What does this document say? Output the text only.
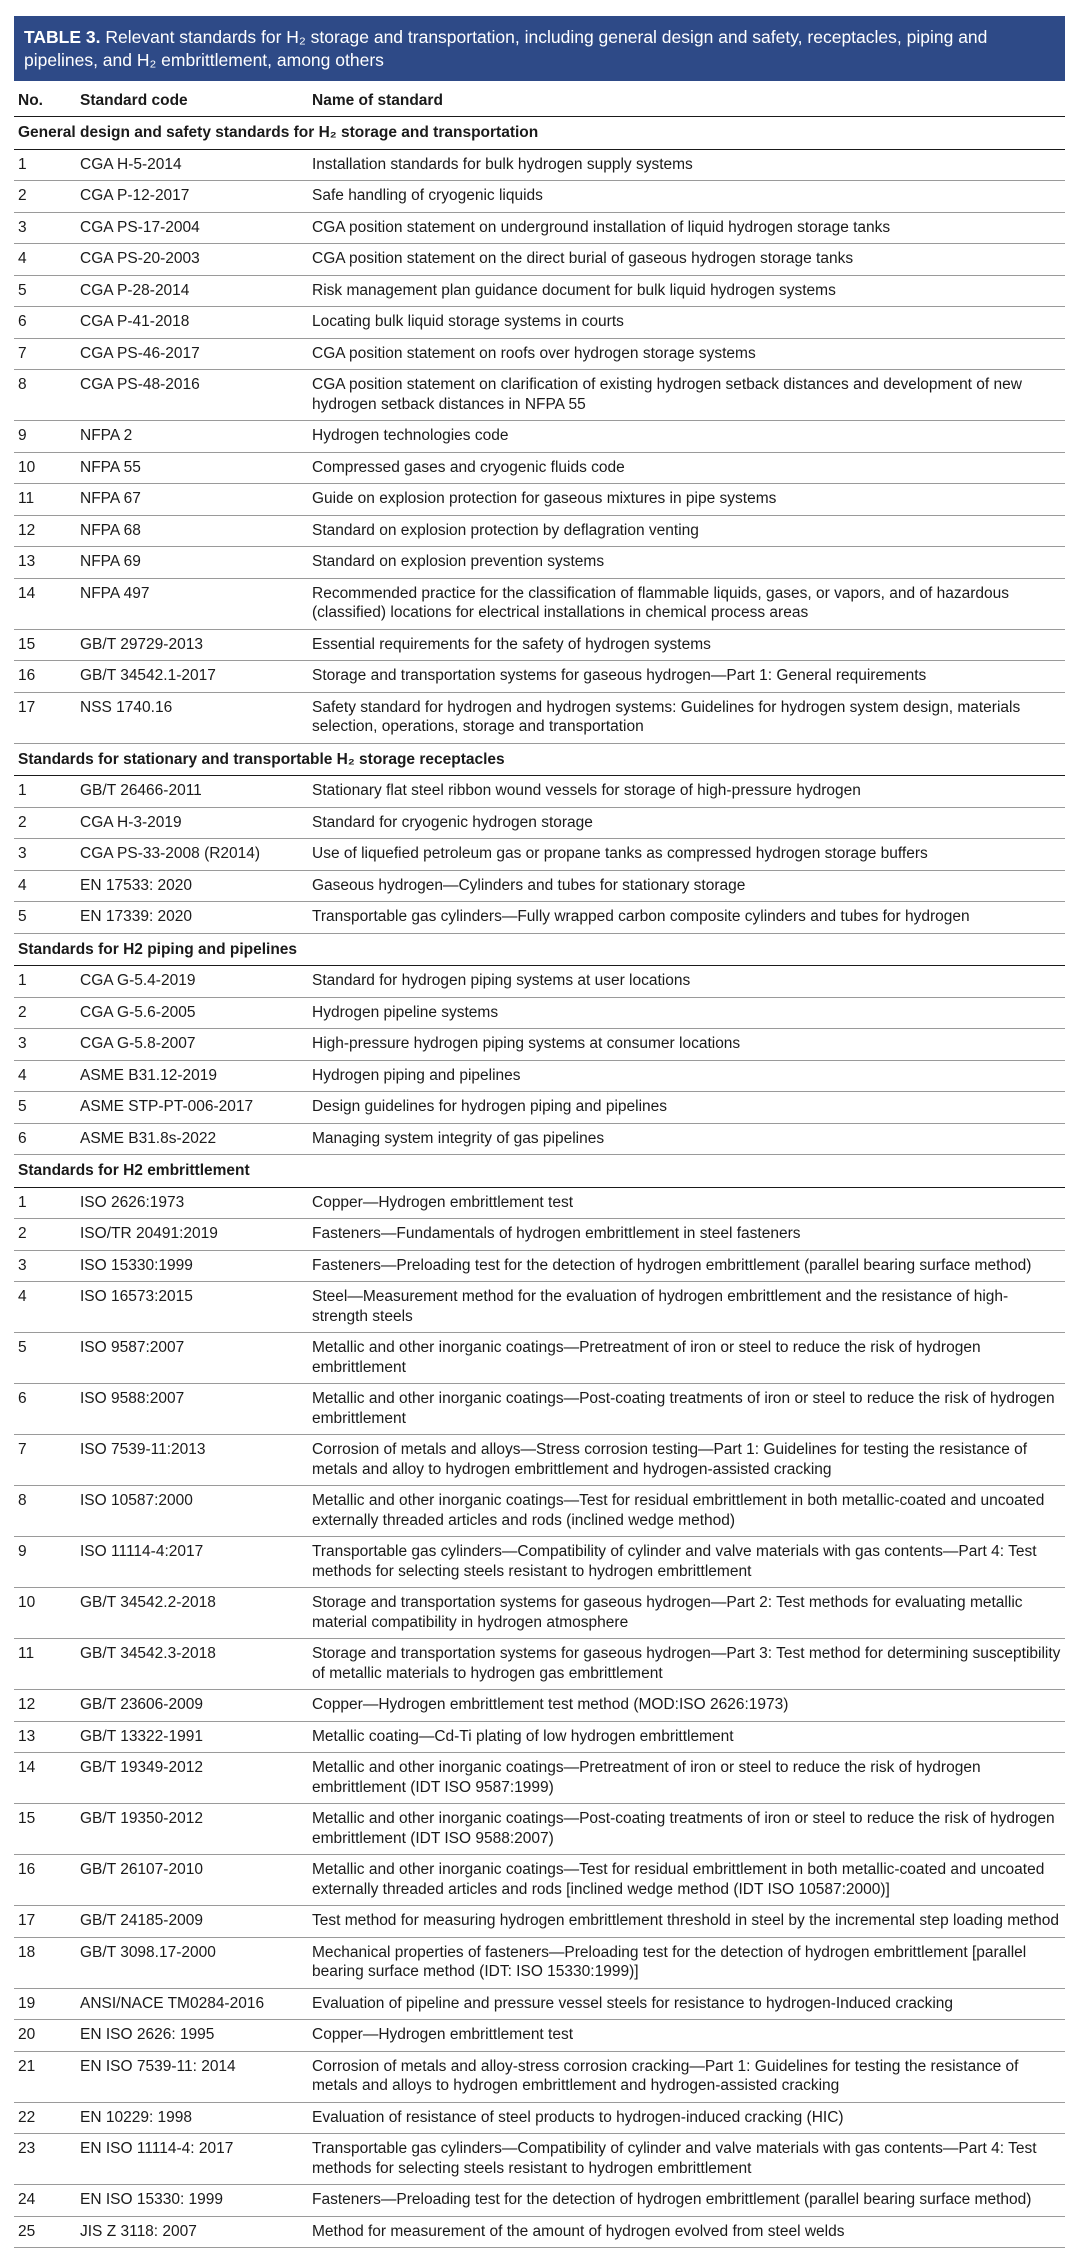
TABLE 3. Relevant standards for H₂ storage and transportation, including general design and safety, receptacles, piping and pipelines, and H₂ embrittlement, among others
No.	Standard code	Name of standard
General design and safety standards for H₂ storage and transportation		
1	CGA H-5-2014	Installation standards for bulk hydrogen supply systems
2	CGA P-12-2017	Safe handling of cryogenic liquids
3	CGA PS-17-2004	CGA position statement on underground installation of liquid hydrogen storage tanks
4	CGA PS-20-2003	CGA position statement on the direct burial of gaseous hydrogen storage tanks
5	CGA P-28-2014	Risk management plan guidance document for bulk liquid hydrogen systems
6	CGA P-41-2018	Locating bulk liquid storage systems in courts
7	CGA PS-46-2017	CGA position statement on roofs over hydrogen storage systems
8	CGA PS-48-2016	CGA position statement on clarification of existing hydrogen setback distances and development of new hydrogen setback distances in NFPA 55
9	NFPA 2	Hydrogen technologies code
10	NFPA 55	Compressed gases and cryogenic fluids code
11	NFPA 67	Guide on explosion protection for gaseous mixtures in pipe systems
12	NFPA 68	Standard on explosion protection by deflagration venting
13	NFPA 69	Standard on explosion prevention systems
14	NFPA 497	Recommended practice for the classification of flammable liquids, gases, or vapors, and of hazardous (classified) locations for electrical installations in chemical process areas
15	GB/T 29729-2013	Essential requirements for the safety of hydrogen systems
16	GB/T 34542.1-2017	Storage and transportation systems for gaseous hydrogen—Part 1: General requirements
17	NSS 1740.16	Safety standard for hydrogen and hydrogen systems: Guidelines for hydrogen system design, materials selection, operations, storage and transportation
Standards for stationary and transportable H₂ storage receptacles		
1	GB/T 26466-2011	Stationary flat steel ribbon wound vessels for storage of high-pressure hydrogen
2	CGA H-3-2019	Standard for cryogenic hydrogen storage
3	CGA PS-33-2008 (R2014)	Use of liquefied petroleum gas or propane tanks as compressed hydrogen storage buffers
4	EN 17533: 2020	Gaseous hydrogen—Cylinders and tubes for stationary storage
5	EN 17339: 2020	Transportable gas cylinders—Fully wrapped carbon composite cylinders and tubes for hydrogen
Standards for H2 piping and pipelines		
1	CGA G-5.4-2019	Standard for hydrogen piping systems at user locations
2	CGA G-5.6-2005	Hydrogen pipeline systems
3	CGA G-5.8-2007	High-pressure hydrogen piping systems at consumer locations
4	ASME B31.12-2019	Hydrogen piping and pipelines
5	ASME STP-PT-006-2017	Design guidelines for hydrogen piping and pipelines
6	ASME B31.8s-2022	Managing system integrity of gas pipelines
Standards for H2 embrittlement		
1	ISO 2626:1973	Copper—Hydrogen embrittlement test
2	ISO/TR 20491:2019	Fasteners—Fundamentals of hydrogen embrittlement in steel fasteners
3	ISO 15330:1999	Fasteners—Preloading test for the detection of hydrogen embrittlement (parallel bearing surface method)
4	ISO 16573:2015	Steel—Measurement method for the evaluation of hydrogen embrittlement and the resistance of high-strength steels
5	ISO 9587:2007	Metallic and other inorganic coatings—Pretreatment of iron or steel to reduce the risk of hydrogen embrittlement
6	ISO 9588:2007	Metallic and other inorganic coatings—Post-coating treatments of iron or steel to reduce the risk of hydrogen embrittlement
7	ISO 7539-11:2013	Corrosion of metals and alloys—Stress corrosion testing—Part 1: Guidelines for testing the resistance of metals and alloy to hydrogen embrittlement and hydrogen-assisted cracking
8	ISO 10587:2000	Metallic and other inorganic coatings—Test for residual embrittlement in both metallic-coated and uncoated externally threaded articles and rods (inclined wedge method)
9	ISO 11114-4:2017	Transportable gas cylinders—Compatibility of cylinder and valve materials with gas contents—Part 4: Test methods for selecting steels resistant to hydrogen embrittlement
10	GB/T 34542.2-2018	Storage and transportation systems for gaseous hydrogen—Part 2: Test methods for evaluating metallic material compatibility in hydrogen atmosphere
11	GB/T 34542.3-2018	Storage and transportation systems for gaseous hydrogen—Part 3: Test method for determining susceptibility of metallic materials to hydrogen gas embrittlement
12	GB/T 23606-2009	Copper—Hydrogen embrittlement test method (MOD:ISO 2626:1973)
13	GB/T 13322-1991	Metallic coating—Cd-Ti plating of low hydrogen embrittlement
14	GB/T 19349-2012	Metallic and other inorganic coatings—Pretreatment of iron or steel to reduce the risk of hydrogen embrittlement (IDT ISO 9587:1999)
15	GB/T 19350-2012	Metallic and other inorganic coatings—Post-coating treatments of iron or steel to reduce the risk of hydrogen embrittlement (IDT ISO 9588:2007)
16	GB/T 26107-2010	Metallic and other inorganic coatings—Test for residual embrittlement in both metallic-coated and uncoated externally threaded articles and rods [inclined wedge method (IDT ISO 10587:2000)]
17	GB/T 24185-2009	Test method for measuring hydrogen embrittlement threshold in steel by the incremental step loading method
18	GB/T 3098.17-2000	Mechanical properties of fasteners—Preloading test for the detection of hydrogen embrittlement [parallel bearing surface method (IDT: ISO 15330:1999)]
19	ANSI/NACE TM0284-2016	Evaluation of pipeline and pressure vessel steels for resistance to hydrogen-Induced cracking
20	EN ISO 2626: 1995	Copper—Hydrogen embrittlement test
21	EN ISO 7539-11: 2014	Corrosion of metals and alloy-stress corrosion cracking—Part 1: Guidelines for testing the resistance of metals and alloys to hydrogen embrittlement and hydrogen-assisted cracking
22	EN 10229: 1998	Evaluation of resistance of steel products to hydrogen-induced cracking (HIC)
23	EN ISO 11114-4: 2017	Transportable gas cylinders—Compatibility of cylinder and valve materials with gas contents—Part 4: Test methods for selecting steels resistant to hydrogen embrittlement
24	EN ISO 15330: 1999	Fasteners—Preloading test for the detection of hydrogen embrittlement (parallel bearing surface method)
25	JIS Z 3118: 2007	Method for measurement of the amount of hydrogen evolved from steel welds
